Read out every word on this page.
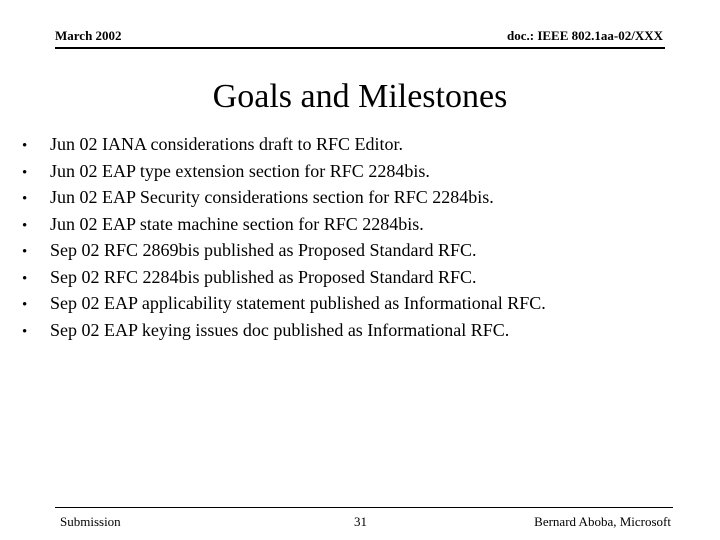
March 2002	doc.: IEEE 802.1aa-02/XXX
Goals and Milestones
•	Jun 02 IANA considerations draft to RFC Editor.
•	Jun 02 EAP type extension section for RFC 2284bis.
•	Jun 02 EAP Security considerations section for RFC 2284bis.
•	Jun 02 EAP state machine section for RFC 2284bis.
•	Sep 02 RFC 2869bis published as Proposed Standard RFC.
•	Sep 02 RFC 2284bis published as Proposed Standard RFC.
•	Sep 02 EAP applicability statement published as Informational RFC.
•	Sep 02 EAP keying issues doc published as Informational RFC.
Submission	31	Bernard Aboba, Microsoft
